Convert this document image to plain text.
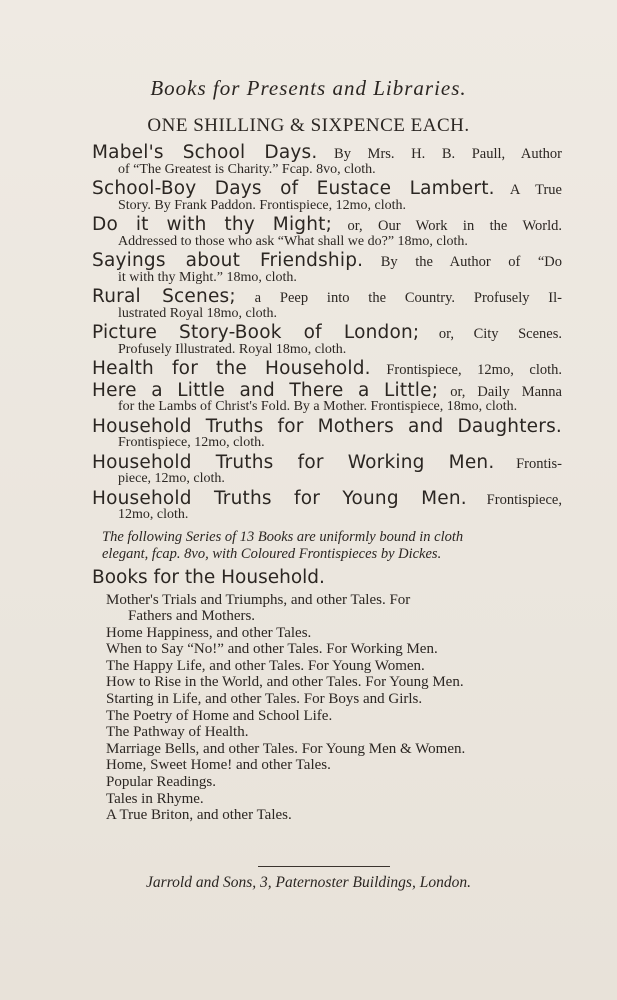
Books for Presents and Libraries.
ONE SHILLING & SIXPENCE EACH.
Mabel's School Days. By Mrs. H. B. Paull, Author
of “The Greatest is Charity.” Fcap. 8vo, cloth.
School-Boy Days of Eustace Lambert. A True
Story. By Frank Paddon. Frontispiece, 12mo, cloth.
Do it with thy Might; or, Our Work in the World.
Addressed to those who ask “What shall we do?” 18mo, cloth.
Sayings about Friendship. By the Author of “Do
it with thy Might.” 18mo, cloth.
Rural Scenes; a Peep into the Country. Profusely Il-
lustrated Royal 18mo, cloth.
Picture Story-Book of London; or, City Scenes.
Profusely Illustrated. Royal 18mo, cloth.
Health for the Household. Frontispiece, 12mo, cloth.
Here a Little and There a Little; or, Daily Manna
for the Lambs of Christ's Fold. By a Mother. Frontispiece, 18mo, cloth.
Household Truths for Mothers and Daughters.
Frontispiece, 12mo, cloth.
Household Truths for Working Men. Frontis-
piece, 12mo, cloth.
Household Truths for Young Men. Frontispiece,
12mo, cloth.
The following Series of 13 Books are uniformly bound in cloth
elegant, fcap. 8vo, with Coloured Frontispieces by Dickes.
Books for the Household.
Mother's Trials and Triumphs, and other Tales. For
Fathers and Mothers.
Home Happiness, and other Tales.
When to Say “No!” and other Tales. For Working Men.
The Happy Life, and other Tales. For Young Women.
How to Rise in the World, and other Tales. For Young Men.
Starting in Life, and other Tales. For Boys and Girls.
The Poetry of Home and School Life.
The Pathway of Health.
Marriage Bells, and other Tales. For Young Men & Women.
Home, Sweet Home! and other Tales.
Popular Readings.
Tales in Rhyme.
A True Briton, and other Tales.
Jarrold and Sons, 3, Paternoster Buildings, London.
